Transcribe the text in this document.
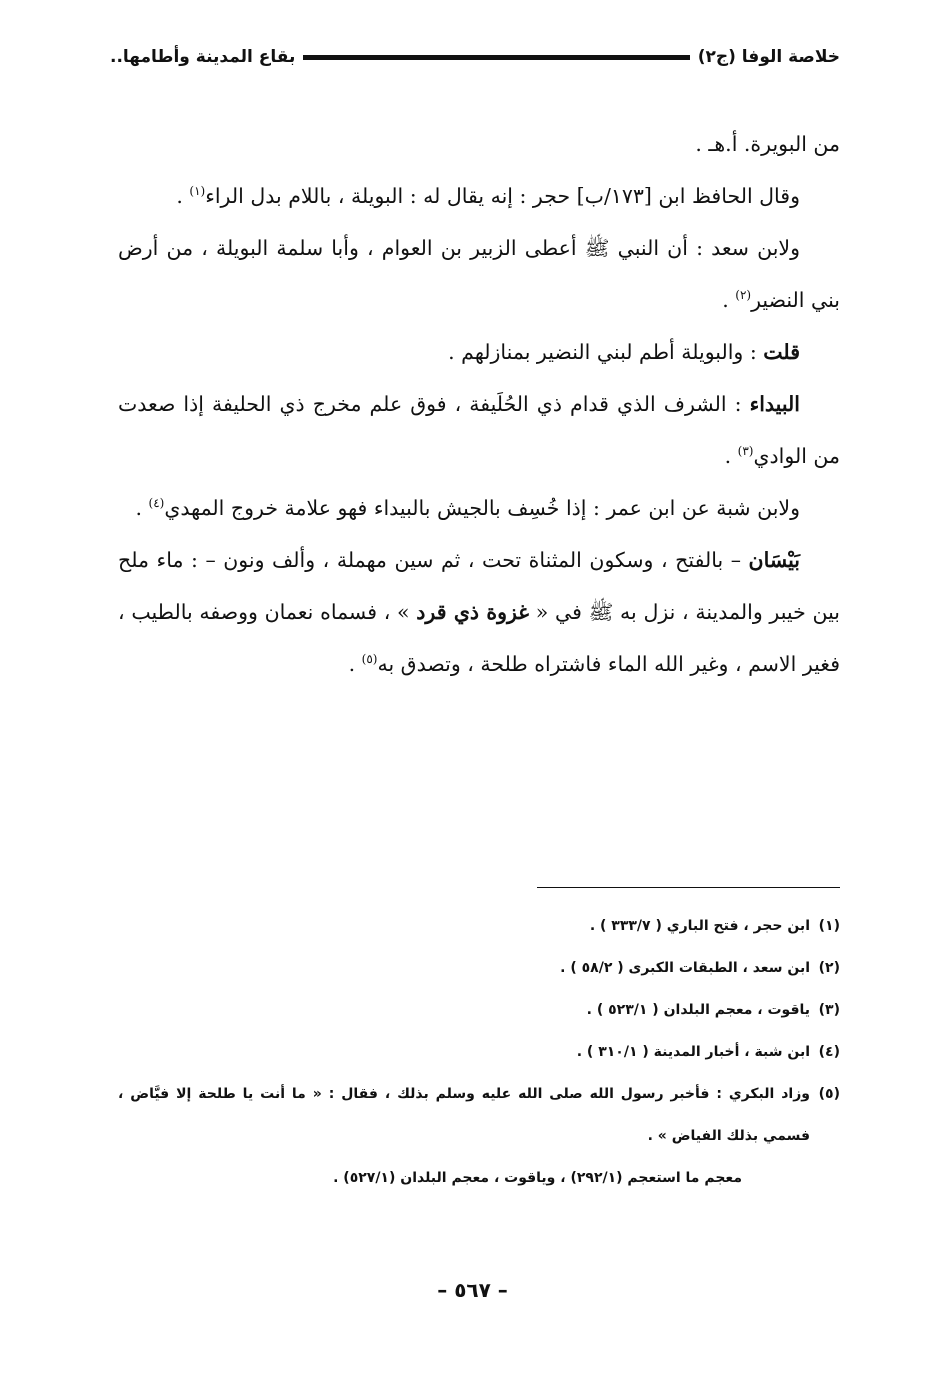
خلاصة الوفا (ج٢)
بقاع المدينة وأطامها..

من البويرة. أ.هـ .

وقال الحافظ ابن [١٧٣/ب] حجر : إنه يقال له : البويلة ، باللام بدل الراء$^{(١)}$ .

ولابن سعد : أن النبي ﷺ أعطى الزبير بن العوام ، وأبا سلمة البويلة ، من أرض بني النضير$^{(٢)}$ .

قلت : والبويلة أطم لبني النضير بمنازلهم .

البيداء : الشرف الذي قدام ذي الحُلَيفة ، فوق علم مخرج ذي الحليفة إذا صعدت من الوادي$^{(٣)}$ .

ولابن شبة عن ابن عمر : إذا خُسِف بالجيش بالبيداء فهو علامة خروج المهدي$^{(٤)}$ .

بَيْسَان – بالفتح ، وسكون المثناة تحت ، ثم سين مهملة ، وألف ونون – : ماء ملح بين خيبر والمدينة ، نزل به ﷺ في « غزوة ذي قرد » ، فسماه نعمان ووصفه بالطيب ، فغير الاسم ، وغير الله الماء فاشتراه طلحة ، وتصدق به$^{(٥)}$ .

(١)
ابن حجر ، فتح الباري ( ٣٣٣/٧ ) .
(٢)
ابن سعد ، الطبقات الكبرى ( ٥٨/٢ ) .
(٣)
ياقوت ، معجم البلدان ( ٥٢٣/١ ) .
(٤)
ابن شبة ، أخبار المدينة ( ٣١٠/١ ) .
(٥)
وزاد البكري : فأخبر رسول الله صلى الله عليه وسلم بذلك ، فقال : « ما أنت يا طلحة إلا فيَّاض ، فسمي بذلك الفياض » .
معجم ما استعجم (٢٩٢/١) ، وياقوت ، معجم البلدان (٥٢٧/١) .
– ٥٦٧ –
